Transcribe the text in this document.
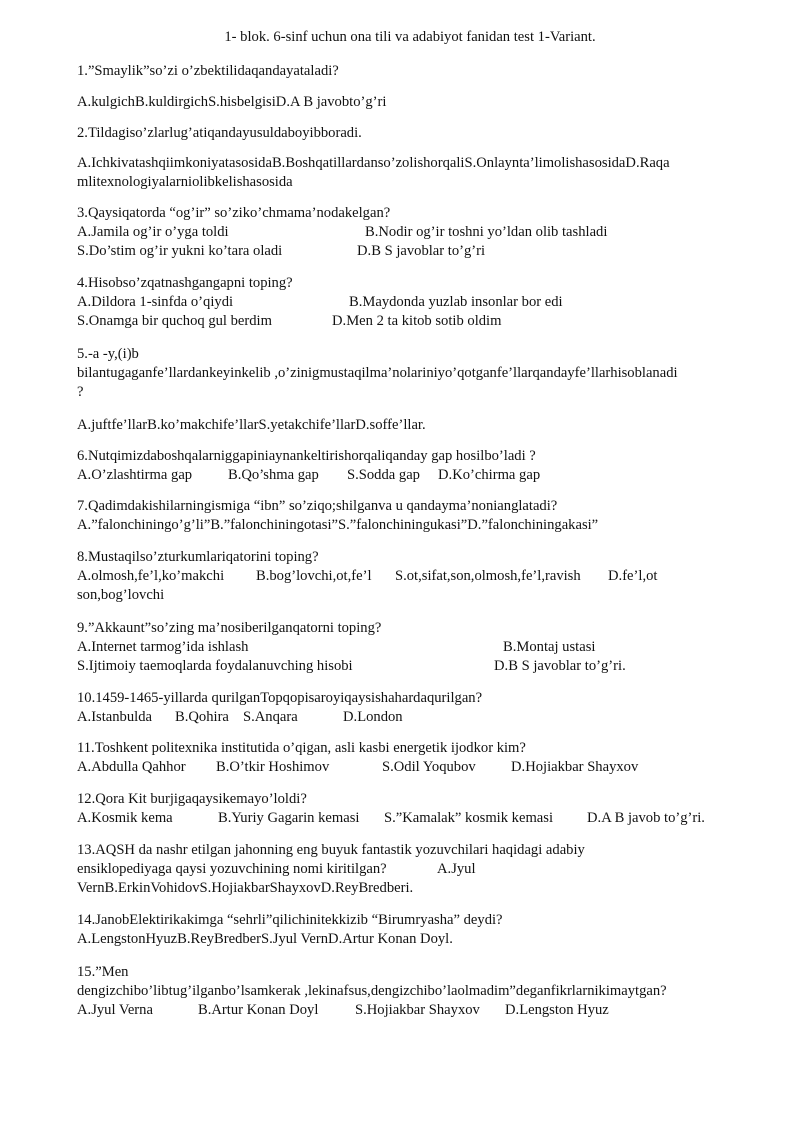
1- blok. 6-sinf uchun ona tili va adabiyot fanidan test 1-Variant.
1.”Smaylik”so’zi o’zbektilidaqandayataladi?
A.kulgichB.kuldirgichS.hisbelgisiD.A B javobto’g’ri
2.Tildagiso’zlarlug’atiqandayusuldaboyibboradi.
A.IchkivatashqiimkoniyatasosidaB.Boshqatillardanso’zolishorqaliS.Onlaynta’limolishasosidaD.Raqa
mlitexnologiyalarniolibkelishasosida
3.Qaysiqatorda “og’ir” so’ziko’chmama’nodakelgan?
A.Jamila og’ir o’yga toldi	B.Nodir og’ir toshni yo’ldan olib tashladi
S.Do’stim og’ir yukni ko’tara oladi	D.B S javoblar to’g’ri
4.Hisobso’zqatnashgangapni toping?
A.Dildora 1-sinfda o’qiydi	B.Maydonda yuzlab insonlar bor edi
S.Onamga bir quchoq gul berdim	D.Men 2 ta kitob sotib oldim
5.-a -y,(i)b
bilantugaganfe’llardankeyinkelib ,o’zinigmustaqilma’nolariniyo’qotganfe’llarqandayfe’llarhisoblanadi
?
A.juftfe’llarB.ko’makchife’llarS.yetakchife’llarD.soffe’llar.
6.Nutqimizdaboshqalarniggapiniaynankeltirishorqaliqanday gap hosilbo’ladi ?
A.O’zlashtirma gap B.Qo’shma gap S.Sodda gap D.Ko’chirma gap
7.Qadimdakishilarningismiga “ibn” so’ziqo;shilganva u qandayma’nonianglatadi?
A.”falonchiningo’g’li”B.”falonchiningotasi”S.”falonchiningukasi”D.”falonchiningakasi”
8.Mustaqilso’zturkumlariqatorini toping?
A.olmosh,fe’l,ko’makchi B.bog’lovchi,ot,fe’l S.ot,sifat,son,olmosh,fe’l,ravish D.fe’l,ot
son,bog’lovchi
9.”Akkaunt”so’zing ma’nosiberilganqatorni toping?
A.Internet tarmog’ida ishlash	B.Montaj ustasi
S.Ijtimoiy taemoqlarda foydalanuvching hisobi	D.B S javoblar to’g’ri.
10.1459-1465-yillarda qurilganTopqopisaroyiqaysishahardaqurilgan?
A.Istanbulda B.Qohira S.Anqara	D.London
11.Toshkent politexnika institutida o’qigan, asli kasbi energetik ijodkor kim?
A.Abdulla Qahhor B.O’tkir Hoshimov	S.Odil Yoqubov D.Hojiakbar Shayxov
12.Qora Kit burjigaqaysikemayo’loldi?
A.Kosmik kema	B.Yuriy Gagarin kemasi S.”Kamalak” kosmik kemasi D.A B javob to’g’ri.
13.AQSH da nashr etilgan jahonning eng buyuk fantastik yozuvchilari haqidagi adabiy
ensiklopediyaga qaysi yozuvchining nomi kiritilgan?	A.Jyul
VernB.ErkinVohidovS.HojiakbarShayxovD.ReyBredberi.
14.JanobElektirikakimga “sehrli”qilichinitekkizib “Birumryasha” deydi?
A.LengstonHyuzB.ReyBredberS.Jyul VernD.Artur Konan Doyl.
15.”Men
dengizchibo’libtug’ilganbo’lsamkerak ,lekinafsus,dengizchibo’laolmadim”deganfikrlarnikimaytgan?
A.Jyul Verna	B.Artur Konan Doyl	S.Hojiakbar Shayxov D.Lengston Hyuz
